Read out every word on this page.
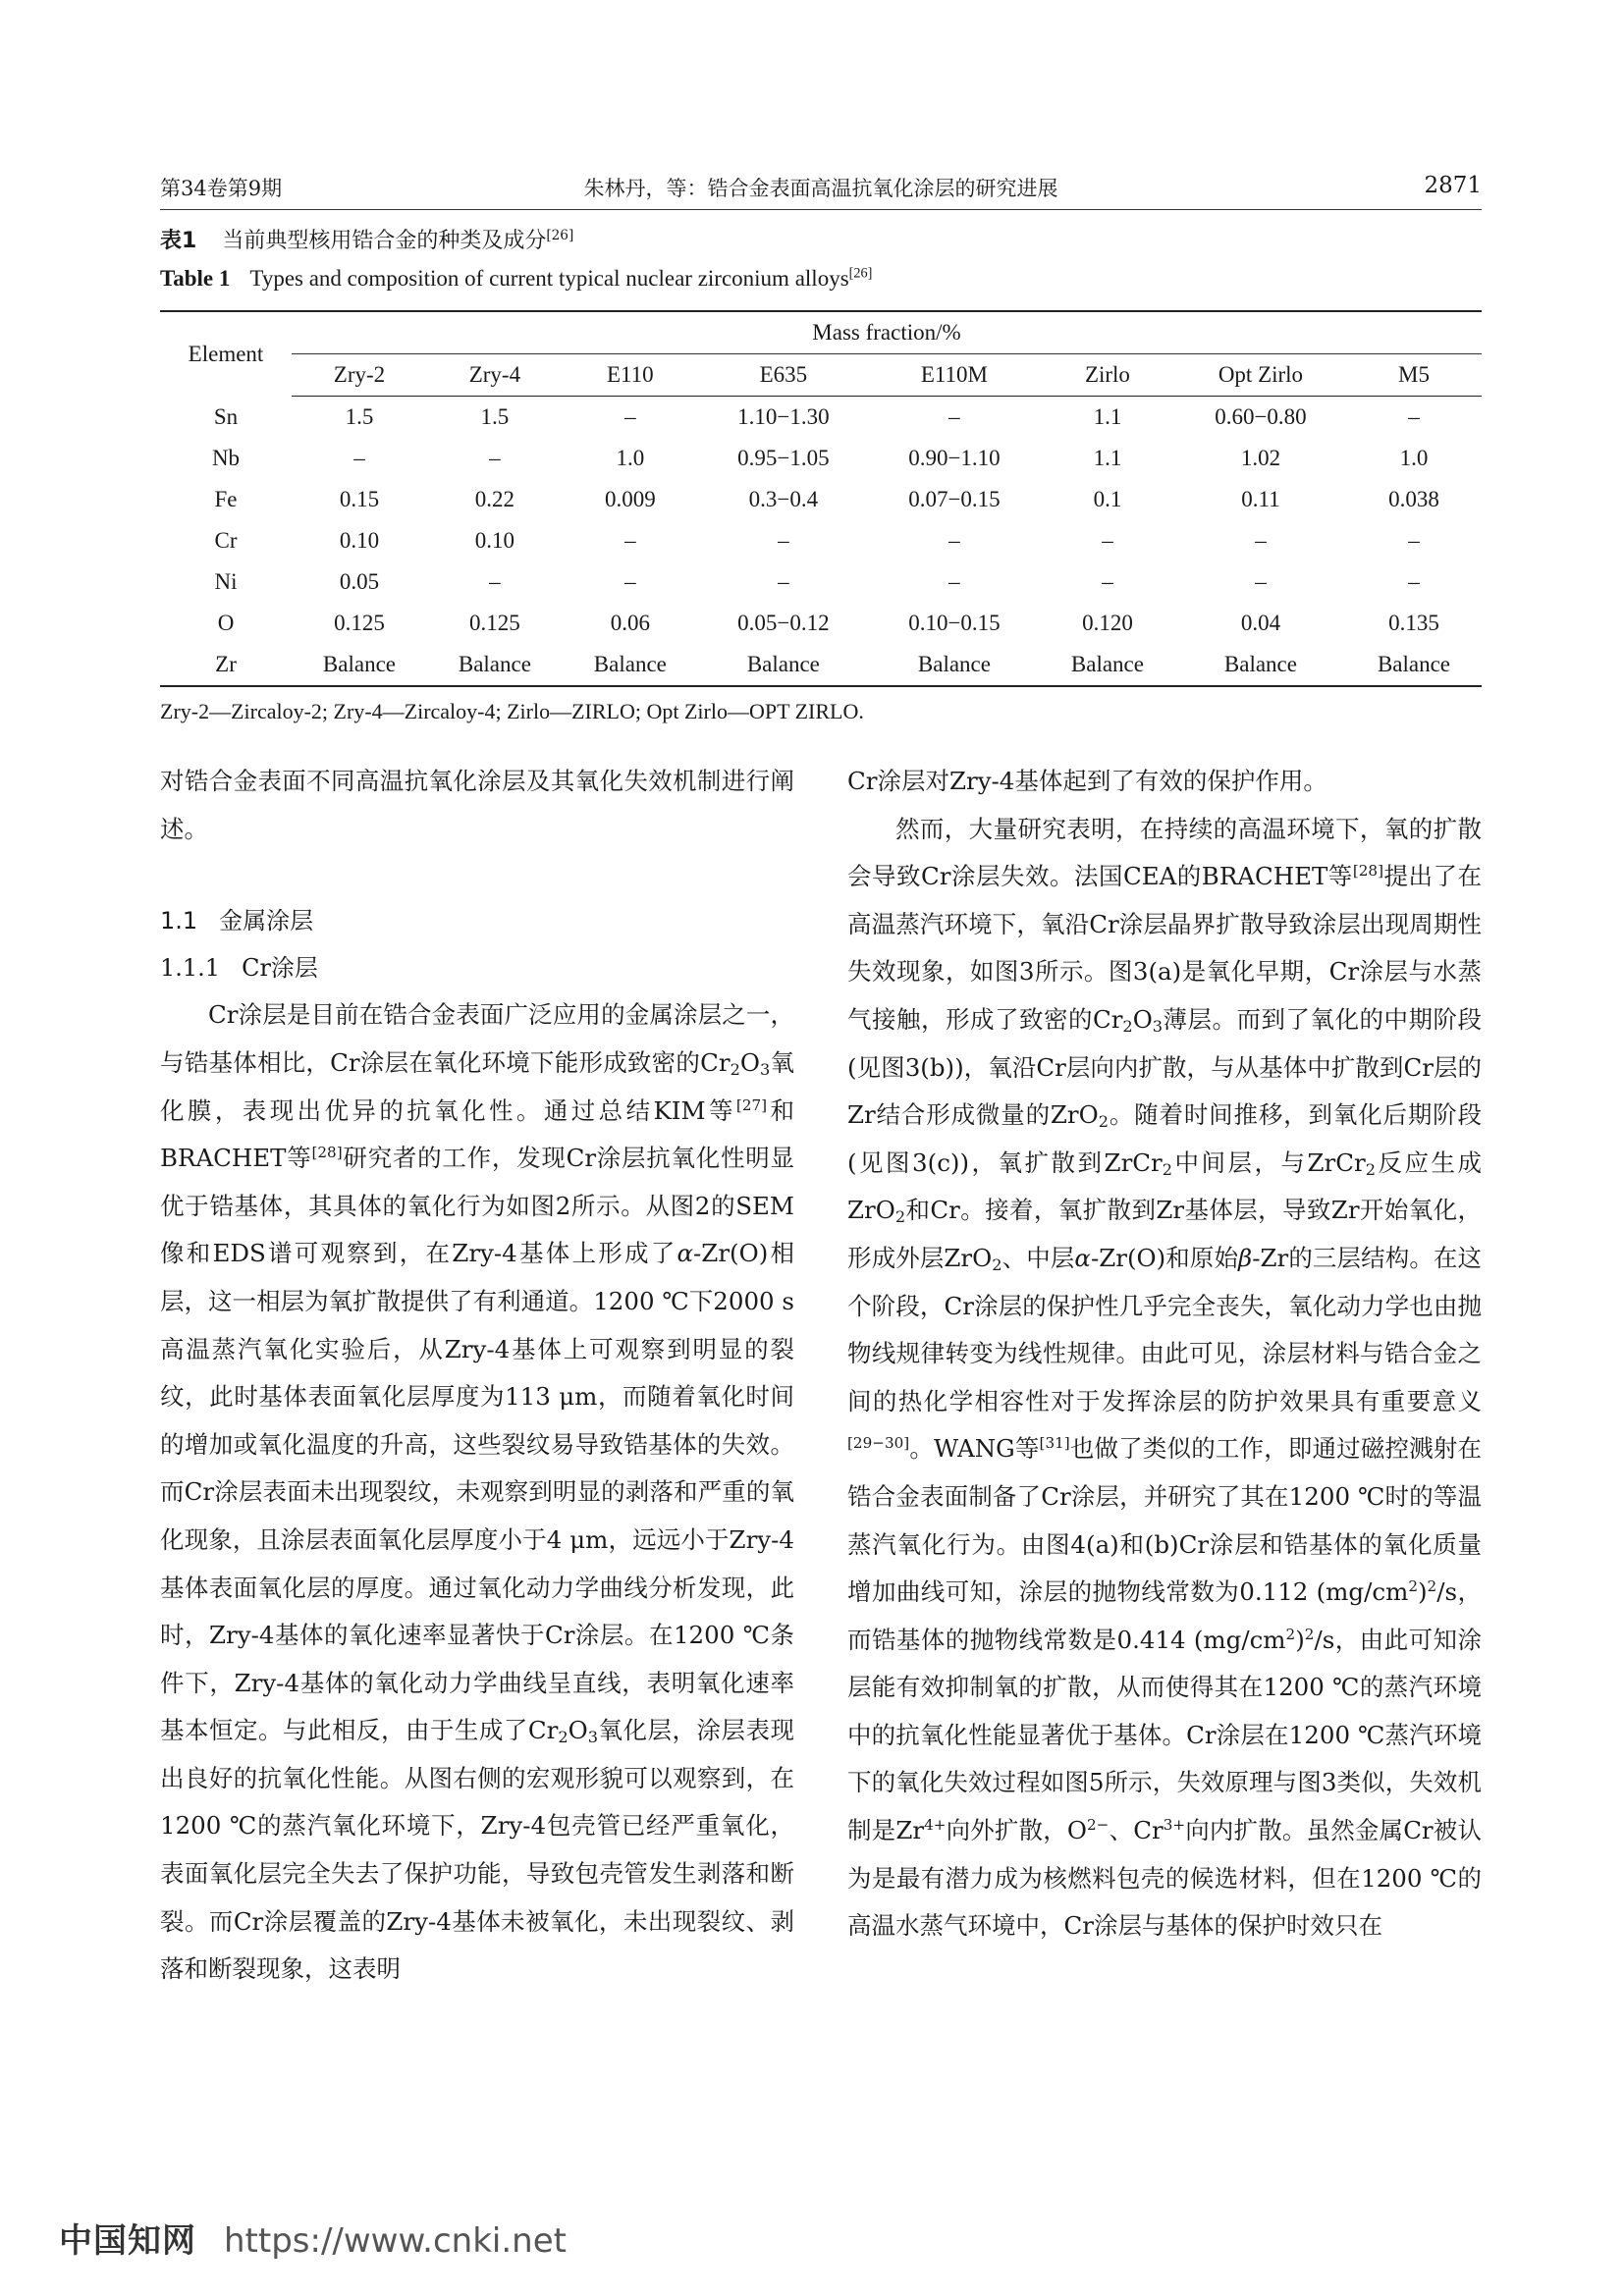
第34卷第9期	朱林丹，等：锆合金表面高温抗氧化涂层的研究进展	2871
表1 当前典型核用锆合金的种类及成分[26]
Table 1 Types and composition of current typical nuclear zirconium alloys[26]
Element	Mass fraction/%							
	Zry-2	Zry-4	E110	E635	E110M	Zirlo	Opt Zirlo	M5
Sn	1.5	1.5	–	1.10−1.30	–	1.1	0.60−0.80	–
Nb	–	–	1.0	0.95−1.05	0.90−1.10	1.1	1.02	1.0
Fe	0.15	0.22	0.009	0.3−0.4	0.07−0.15	0.1	0.11	0.038
Cr	0.10	0.10	–	–	–	–	–	–
Ni	0.05	–	–	–	–	–	–	–
O	0.125	0.125	0.06	0.05−0.12	0.10−0.15	0.120	0.04	0.135
Zr	Balance	Balance	Balance	Balance	Balance	Balance	Balance	Balance
Zry-2—Zircaloy-2; Zry-4—Zircaloy-4; Zirlo—ZIRLO; Opt Zirlo—OPT ZIRLO.

对锆合金表面不同高温抗氧化涂层及其氧化失效机制进行阐述。

1.1 金属涂层
1.1.1 Cr涂层

Cr涂层是目前在锆合金表面广泛应用的金属涂层之一，与锆基体相比，Cr涂层在氧化环境下能形成致密的$Cr_2O_3$氧化膜，表现出优异的抗氧化性。通过总结KIM等[27]和BRACHET等[28]研究者的工作，发现Cr涂层抗氧化性明显优于锆基体，其具体的氧化行为如图2所示。从图2的SEM像和EDS谱可观察到，在Zry-4基体上形成了α-Zr(O)相层，这一相层为氧扩散提供了有利通道。1200 ℃下2000 s高温蒸汽氧化实验后，从Zry-4基体上可观察到明显的裂纹，此时基体表面氧化层厚度为113 μm，而随着氧化时间的增加或氧化温度的升高，这些裂纹易导致锆基体的失效。而Cr涂层表面未出现裂纹，未观察到明显的剥落和严重的氧化现象，且涂层表面氧化层厚度小于4 μm，远远小于Zry-4基体表面氧化层的厚度。通过氧化动力学曲线分析发现，此时，Zry-4基体的氧化速率显著快于Cr涂层。在1200 ℃条件下，Zry-4基体的氧化动力学曲线呈直线，表明氧化速率基本恒定。与此相反，由于生成了$Cr_2O_3$氧化层，涂层表现出良好的抗氧化性能。从图右侧的宏观形貌可以观察到，在1200 ℃的蒸汽氧化环境下，Zry-4包壳管已经严重氧化，表面氧化层完全失去了保护功能，导致包壳管发生剥落和断裂。而Cr涂层覆盖的Zry-4基体未被氧化，未出现裂纹、剥落和断裂现象，这表明

Cr涂层对Zry-4基体起到了有效的保护作用。

然而，大量研究表明，在持续的高温环境下，氧的扩散会导致Cr涂层失效。法国CEA的BRACHET等[28]提出了在高温蒸汽环境下，氧沿Cr涂层晶界扩散导致涂层出现周期性失效现象，如图3所示。图3(a)是氧化早期，Cr涂层与水蒸气接触，形成了致密的$Cr_2O_3$薄层。而到了氧化的中期阶段(见图3(b))，氧沿Cr层向内扩散，与从基体中扩散到Cr层的Zr结合形成微量的ZrO$_2$。随着时间推移，到氧化后期阶段(见图3(c))，氧扩散到ZrCr$_2$中间层，与ZrCr$_2$反应生成ZrO$_2$和Cr。接着，氧扩散到Zr基体层，导致Zr开始氧化，形成外层ZrO$_2$、中层α-Zr(O)和原始β-Zr的三层结构。在这个阶段，Cr涂层的保护性几乎完全丧失，氧化动力学也由抛物线规律转变为线性规律。由此可见，涂层材料与锆合金之间的热化学相容性对于发挥涂层的防护效果具有重要意义[29−30]。WANG等[31]也做了类似的工作，即通过磁控溅射在锆合金表面制备了Cr涂层，并研究了其在1200 ℃时的等温蒸汽氧化行为。由图4(a)和(b)Cr涂层和锆基体的氧化质量增加曲线可知，涂层的抛物线常数为0.112 $(mg/cm^2)^2/s$，而锆基体的抛物线常数是0.414 $(mg/cm^2)^2/s$，由此可知涂层能有效抑制氧的扩散，从而使得其在1200 ℃的蒸汽环境中的抗氧化性能显著优于基体。Cr涂层在1200 ℃蒸汽环境下的氧化失效过程如图5所示，失效原理与图3类似，失效机制是$Zr^{4+}$向外扩散，$O^{2-}$、$Cr^{3+}$向内扩散。虽然金属Cr被认为是最有潜力成为核燃料包壳的候选材料，但在1200 ℃的高温水蒸气环境中，Cr涂层与基体的保护时效只在

中国知网 https://www.cnki.net
